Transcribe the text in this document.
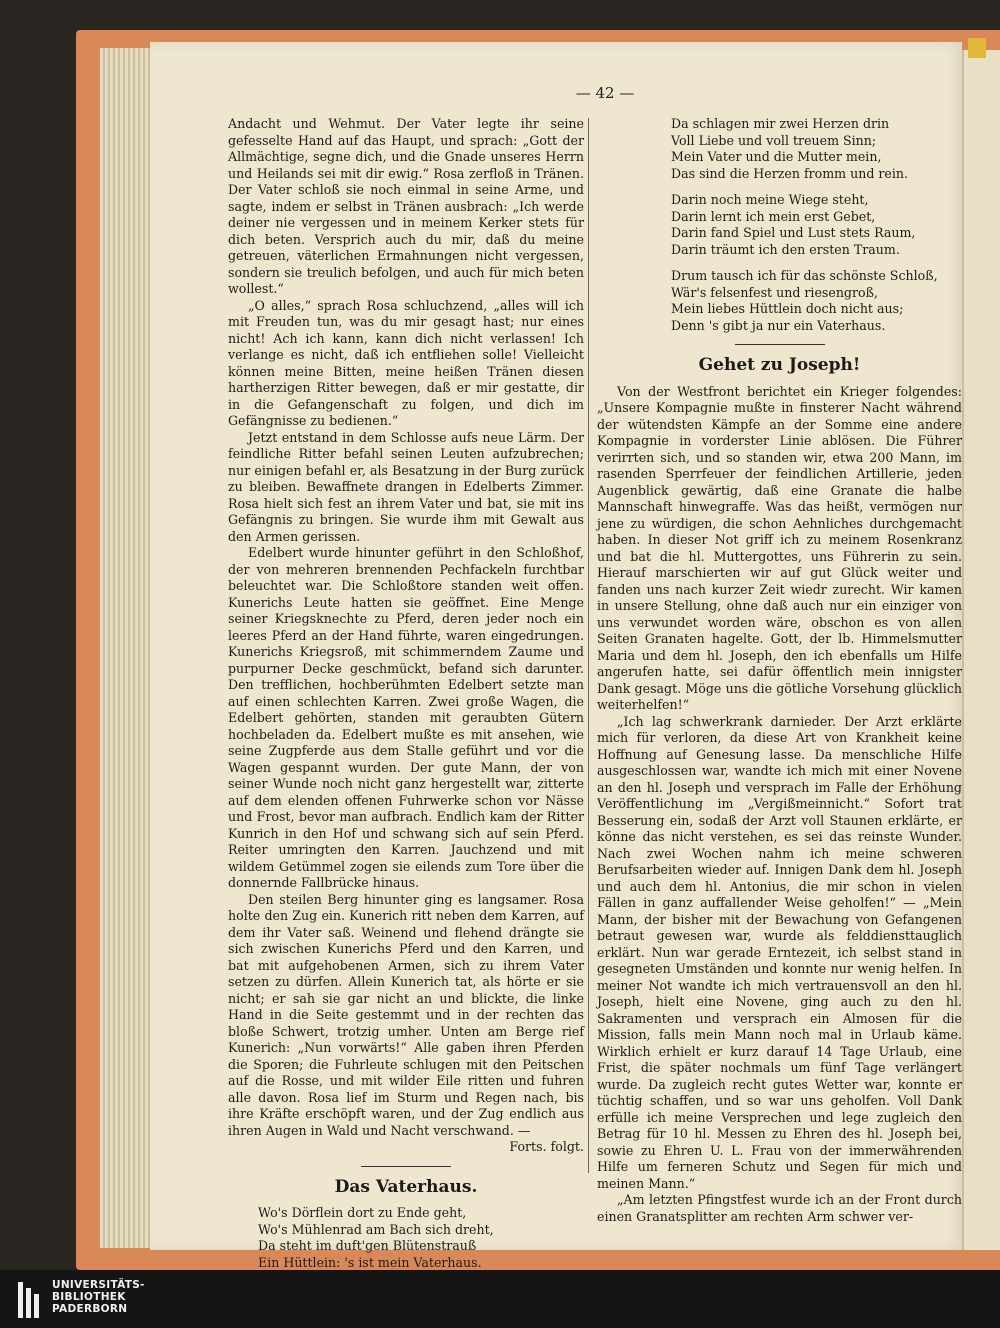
— 42 —

Andacht und Wehmut. Der Vater legte ihr seine gefesselte Hand auf das Haupt, und sprach: „Gott der Allmächtige, segne dich, und die Gnade unseres Herrn und Heilands sei mit dir ewig.“ Rosa zerfloß in Tränen. Der Vater schloß sie noch einmal in seine Arme, und sagte, indem er selbst in Tränen ausbrach: „Ich werde deiner nie vergessen und in meinem Kerker stets für dich beten. Versprich auch du mir, daß du meine getreuen, väterlichen Ermahnungen nicht vergessen, sondern sie treulich befolgen, und auch für mich beten wollest.“

„O alles,“ sprach Rosa schluchzend, „alles will ich mit Freuden tun, was du mir gesagt hast; nur eines nicht! Ach ich kann, kann dich nicht verlassen! Ich verlange es nicht, daß ich entfliehen solle! Vielleicht können meine Bitten, meine heißen Tränen diesen hartherzigen Ritter bewegen, daß er mir gestatte, dir in die Gefangenschaft zu folgen, und dich im Gefängnisse zu bedienen.“

Jetzt entstand in dem Schlosse aufs neue Lärm. Der feindliche Ritter befahl seinen Leuten aufzubrechen; nur einigen befahl er, als Besatzung in der Burg zurück zu bleiben. Bewaffnete drangen in Edelberts Zimmer. Rosa hielt sich fest an ihrem Vater und bat, sie mit ins Gefängnis zu bringen. Sie wurde ihm mit Gewalt aus den Armen gerissen.

Edelbert wurde hinunter geführt in den Schloßhof, der von mehreren brennenden Pechfackeln furchtbar beleuchtet war. Die Schloßtore standen weit offen. Kunerichs Leute hatten sie geöffnet. Eine Menge seiner Kriegsknechte zu Pferd, deren jeder noch ein leeres Pferd an der Hand führte, waren eingedrungen. Kunerichs Kriegsroß, mit schimmerndem Zaume und purpurner Decke geschmückt, befand sich darunter. Den trefflichen, hochberühmten Edelbert setzte man auf einen schlechten Karren. Zwei große Wagen, die Edelbert gehörten, standen mit geraubten Gütern hochbeladen da. Edelbert mußte es mit ansehen, wie seine Zugpferde aus dem Stalle geführt und vor die Wagen gespannt wurden. Der gute Mann, der von seiner Wunde noch nicht ganz hergestellt war, zitterte auf dem elenden offenen Fuhrwerke schon vor Nässe und Frost, bevor man aufbrach. Endlich kam der Ritter Kunrich in den Hof und schwang sich auf sein Pferd. Reiter umringten den Karren. Jauchzend und mit wildem Getümmel zogen sie eilends zum Tore über die donnernde Fallbrücke hinaus.

Den steilen Berg hinunter ging es langsamer. Rosa holte den Zug ein. Kunerich ritt neben dem Karren, auf dem ihr Vater saß. Weinend und flehend drängte sie sich zwischen Kunerichs Pferd und den Karren, und bat mit aufgehobenen Armen, sich zu ihrem Vater setzen zu dürfen. Allein Kunerich tat, als hörte er sie nicht; er sah sie gar nicht an und blickte, die linke Hand in die Seite gestemmt und in der rechten das bloße Schwert, trotzig umher. Unten am Berge rief Kunerich: „Nun vorwärts!“ Alle gaben ihren Pferden die Sporen; die Fuhrleute schlugen mit den Peitschen auf die Rosse, und mit wilder Eile ritten und fuhren alle davon. Rosa lief im Sturm und Regen nach, bis ihre Kräfte erschöpft waren, und der Zug endlich aus ihren Augen in Wald und Nacht verschwand. —

Forts. folgt.

Das Vaterhaus.
Wo's Dörflein dort zu Ende geht,
Wo's Mühlenrad am Bach sich dreht,
Da steht im duft'gen Blütenstrauß
Ein Hüttlein: 's ist mein Vaterhaus.
Da schlagen mir zwei Herzen drin
Voll Liebe und voll treuem Sinn;
Mein Vater und die Mutter mein,
Das sind die Herzen fromm und rein.
Darin noch meine Wiege steht,
Darin lernt ich mein erst Gebet,
Darin fand Spiel und Lust stets Raum,
Darin träumt ich den ersten Traum.
Drum tausch ich für das schönste Schloß,
Wär's felsenfest und riesengroß,
Mein liebes Hüttlein doch nicht aus;
Denn 's gibt ja nur ein Vaterhaus.
Gehet zu Joseph!

Von der Westfront berichtet ein Krieger folgendes: „Unsere Kompagnie mußte in finsterer Nacht während der wütendsten Kämpfe an der Somme eine andere Kompagnie in vorderster Linie ablösen. Die Führer verirrten sich, und so standen wir, etwa 200 Mann, im rasenden Sperrfeuer der feindlichen Artillerie, jeden Augenblick gewärtig, daß eine Granate die halbe Mannschaft hinwegraffe. Was das heißt, vermögen nur jene zu würdigen, die schon Aehnliches durchgemacht haben. In dieser Not griff ich zu meinem Rosenkranz und bat die hl. Muttergottes, uns Führerin zu sein. Hierauf marschierten wir auf gut Glück weiter und fanden uns nach kurzer Zeit wiedr zurecht. Wir kamen in unsere Stellung, ohne daß auch nur ein einziger von uns verwundet worden wäre, obschon es von allen Seiten Granaten hagelte. Gott, der lb. Himmelsmutter Maria und dem hl. Joseph, den ich ebenfalls um Hilfe angerufen hatte, sei dafür öffentlich mein innigster Dank gesagt. Möge uns die götliche Vorsehung glücklich weiterhelfen!“

„Ich lag schwerkrank darnieder. Der Arzt erklärte mich für verloren, da diese Art von Krankheit keine Hoffnung auf Genesung lasse. Da menschliche Hilfe ausgeschlossen war, wandte ich mich mit einer Novene an den hl. Joseph und versprach im Falle der Erhöhung Veröffentlichung im „Vergißmeinnicht.“ Sofort trat Besserung ein, sodaß der Arzt voll Staunen erklärte, er könne das nicht verstehen, es sei das reinste Wunder. Nach zwei Wochen nahm ich meine schweren Berufsarbeiten wieder auf. Innigen Dank dem hl. Joseph und auch dem hl. Antonius, die mir schon in vielen Fällen in ganz auffallender Weise geholfen!“ — „Mein Mann, der bisher mit der Bewachung von Gefangenen betraut gewesen war, wurde als felddiensttauglich erklärt. Nun war gerade Erntezeit, ich selbst stand in gesegneten Umständen und konnte nur wenig helfen. In meiner Not wandte ich mich vertrauensvoll an den hl. Joseph, hielt eine Novene, ging auch zu den hl. Sakramenten und versprach ein Almosen für die Mission, falls mein Mann noch mal in Urlaub käme. Wirklich erhielt er kurz darauf 14 Tage Urlaub, eine Frist, die später nochmals um fünf Tage verlängert wurde. Da zugleich recht gutes Wetter war, konnte er tüchtig schaffen, und so war uns geholfen. Voll Dank erfülle ich meine Versprechen und lege zugleich den Betrag für 10 hl. Messen zu Ehren des hl. Joseph bei, sowie zu Ehren U. L. Frau von der immerwährenden Hilfe um ferneren Schutz und Segen für mich und meinen Mann.“

„Am letzten Pfingstfest wurde ich an der Front durch einen Granatsplitter am rechten Arm schwer ver-

UNIVERSITÄTS-
BIBLIOTHEK
PADERBORN
